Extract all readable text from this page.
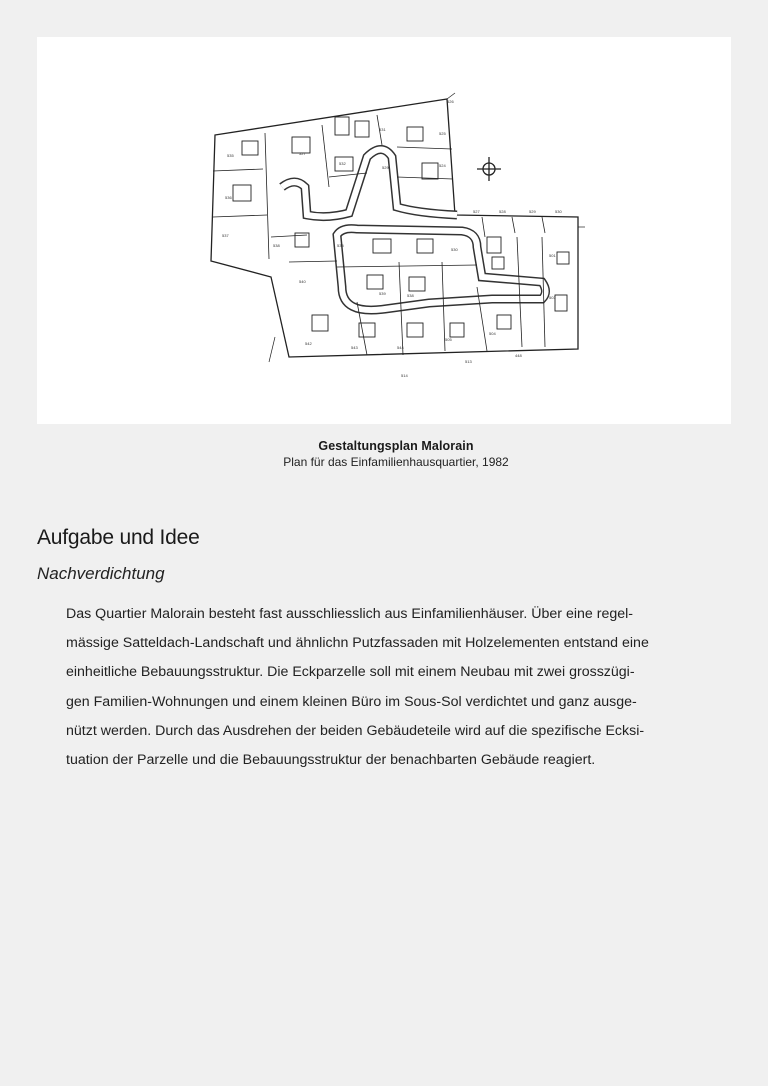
535
536
537
538
527
532
531
529
525
524
526
527	528	529	530
501
503
540
542
543	544
505
504
514
513
448
535
539	538
530
Gestaltungsplan Malorain
Plan für das Einfamilienhausquartier, 1982
Aufgabe und Idee
Nachverdichtung
Das Quartier Malorain besteht fast ausschliesslich aus Einfamilienhäuser. Über eine regel-
mässige Satteldach-Landschaft und ähnlichn Putzfassaden mit Holzelementen entstand eine
einheitliche Bebauungsstruktur. Die Eckparzelle soll mit einem Neubau mit zwei grosszügi-
gen Familien-Wohnungen und einem kleinen Büro im Sous-Sol verdichtet und ganz ausge-
nützt werden. Durch das Ausdrehen der beiden Gebäudeteile wird auf die spezifische Ecksi-
tuation der Parzelle und die Bebauungsstruktur der benachbarten Gebäude reagiert.
